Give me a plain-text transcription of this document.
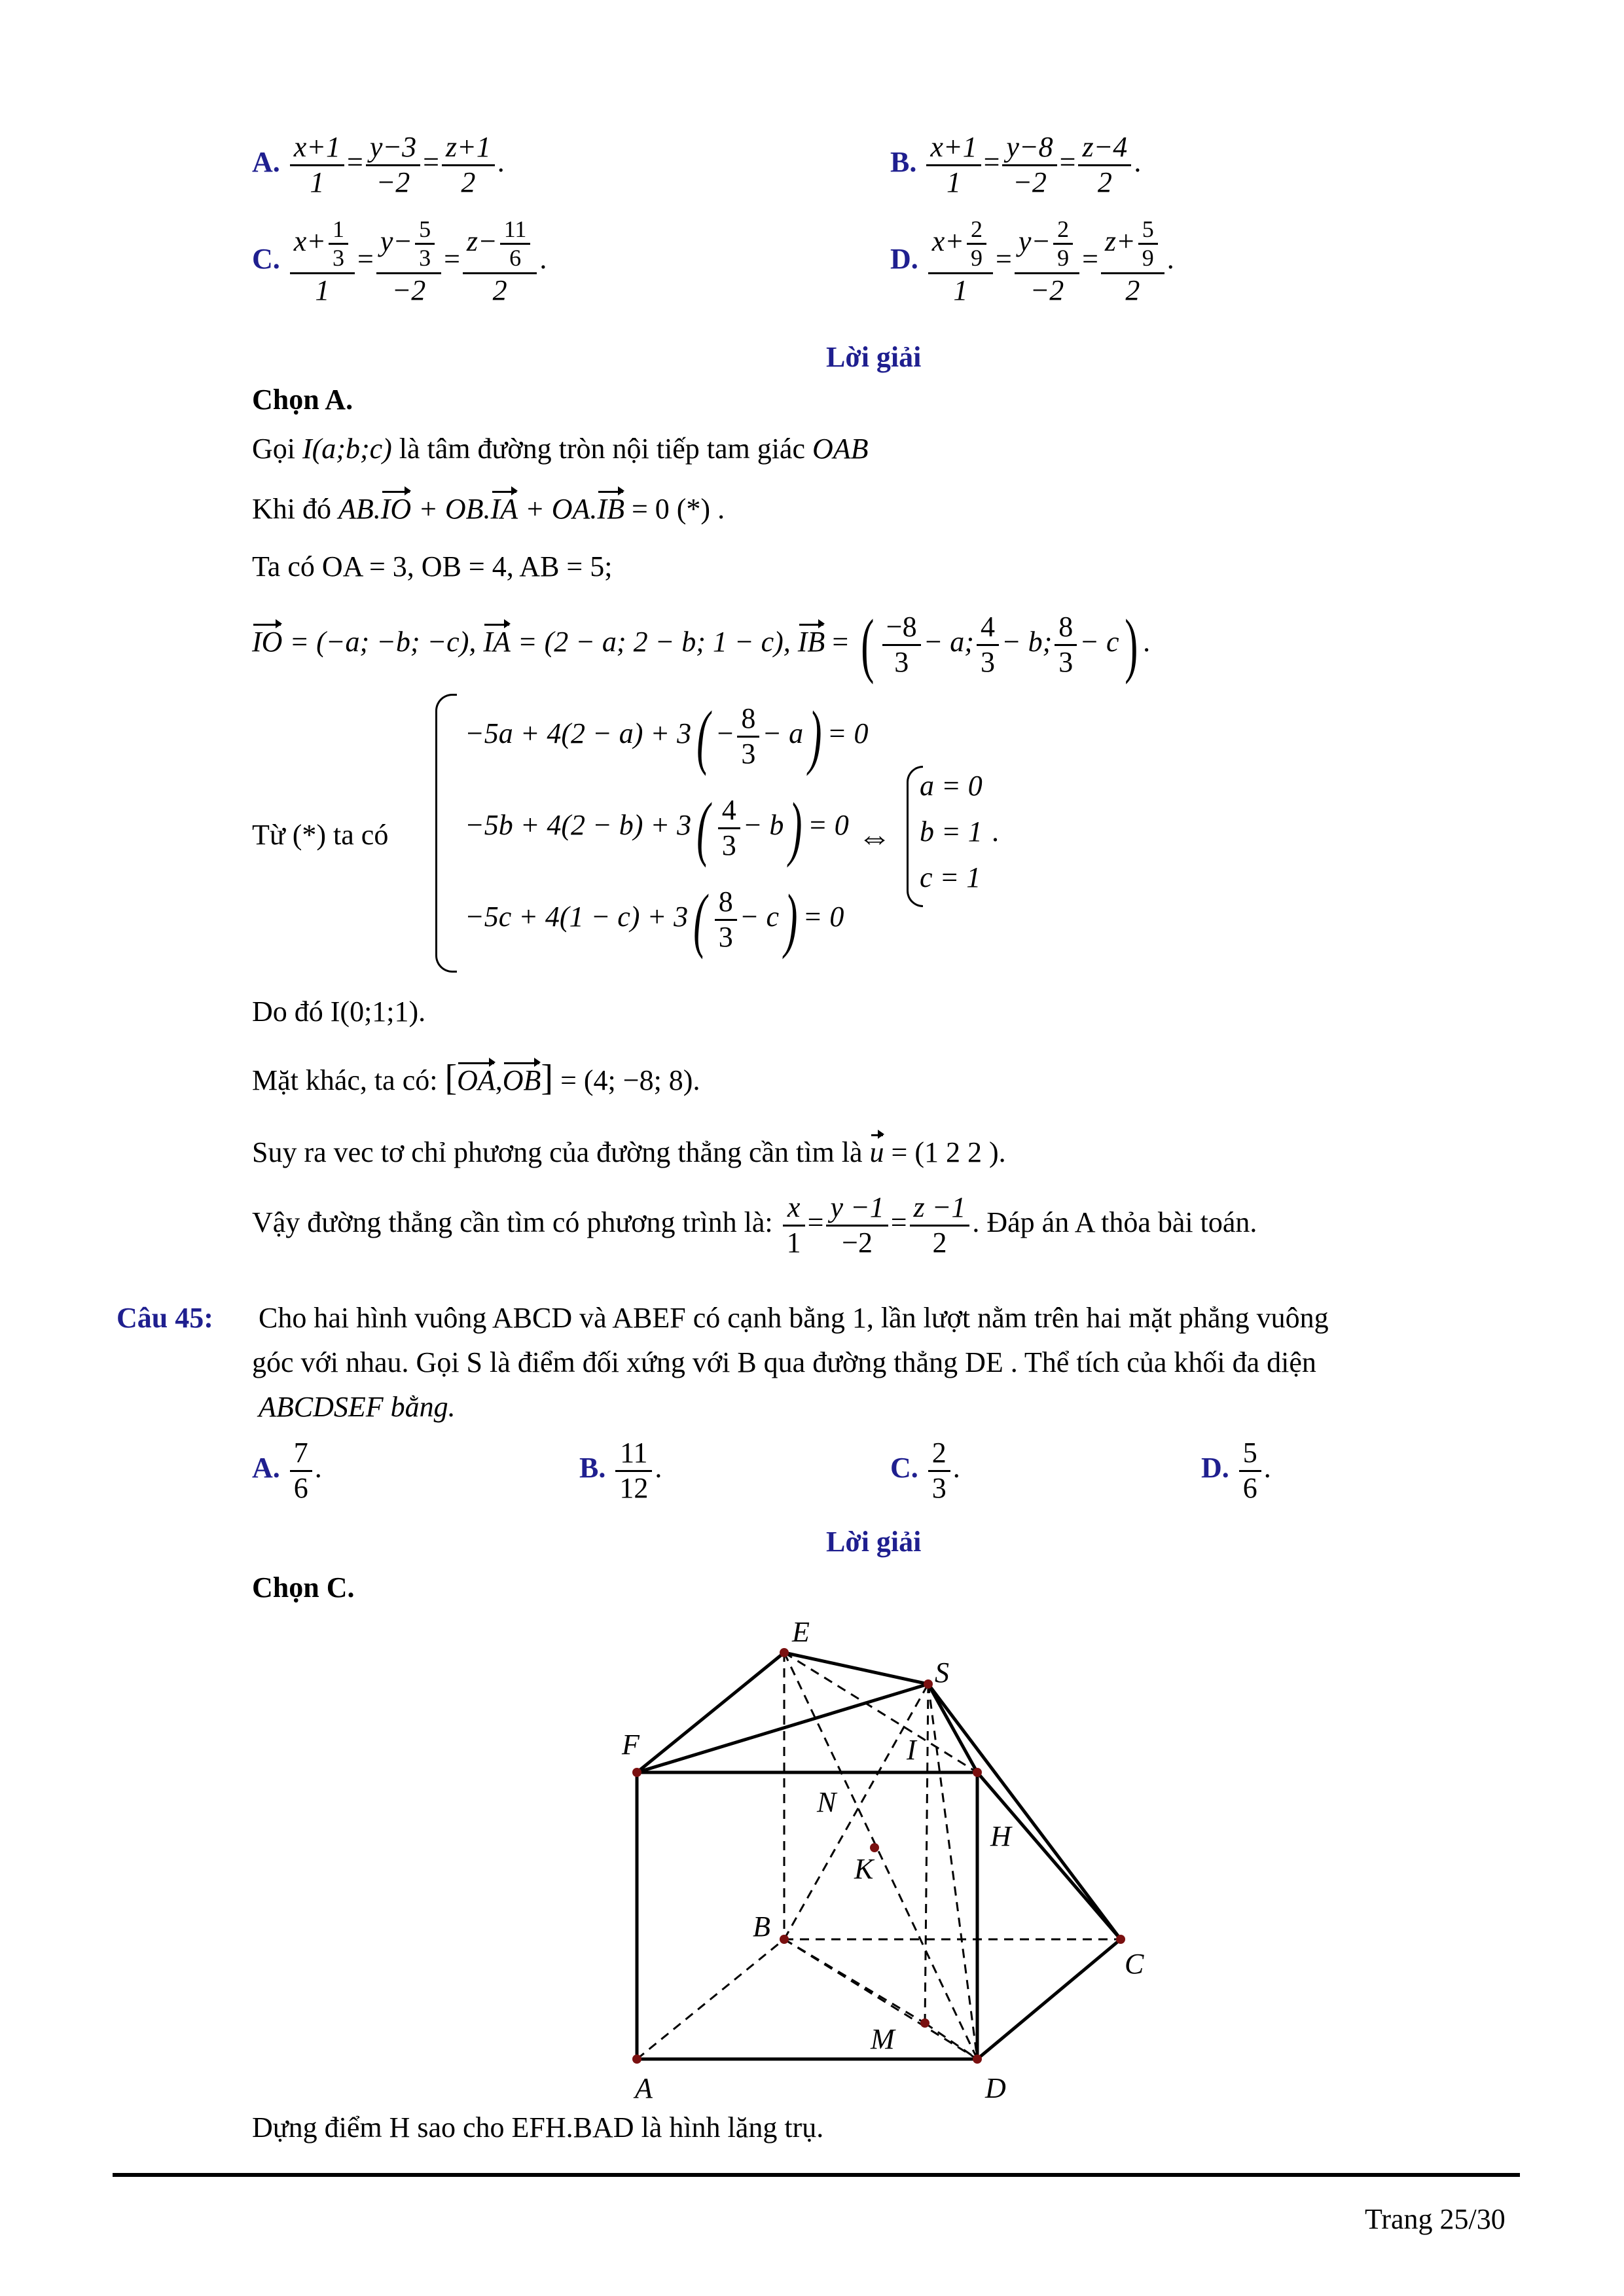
A. $\frac{x+1}{1} = \frac{y-3}{-2} = \frac{z+1}{2}$ .	B. $\frac{x+1}{1} = \frac{y-8}{-2} = \frac{z-4}{2}$ .
C. $\frac{x+ \frac{1}{3}}{1} = \frac{y- \frac{5}{3}}{-2} = \frac{z- \frac{11}{6}}{2}$ .	D. $\frac{x+ \frac{2}{9}}{1} = \frac{y- \frac{2}{9}}{-2} = \frac{z+ \frac{5}{9}}{2}$ .
Lời giải
Chọn A.
Gọi I(a;b;c) là tâm đường tròn nội tiếp tam giác OAB
Khi đó AB.IO + OB.IA + OA.IB = 0 (*) .
Ta có OA = 3, OB = 4, AB = 5;
IO = (−a; −b; −c), IA = (2 − a; 2 − b; 1 − c), IB = ( $\frac{-8}{3} - a$; $\frac{4}{3} - b$; $\frac{8}{3} - c$) .
Từ (*) ta có
$-5a + 4(2 - a) + 3( - \frac{8}{3} - a) = 0$
$-5b + 4(2 - b) + 3( \frac{4}{3} - b) = 0$
$-5c + 4(1 - c) + 3( \frac{8}{3} - c) = 0$
⇔
a = 0
b = 1
c = 1
.
Do đó I(0;1;1).
Mặt khác, ta có: [OA,OB] = (4; −8; 8).
Suy ra vec tơ chỉ phương của đường thẳng cần tìm là u = (1 2 2 ).
Vậy đường thẳng cần tìm có phương trình là: $\frac{x}{1} = \frac{y -1}{-2} = \frac{z -1}{2}$ . Đáp án A thỏa bài toán.
Câu 45: Cho hai hình vuông ABCD và ABEF có cạnh bằng 1, lần lượt nằm trên hai mặt phẳng vuông
góc với nhau. Gọi S là điểm đối xứng với B qua đường thẳng DE . Thể tích của khối đa diện
ABCDSEF bằng.
A. $\frac{7}{6}$ .	B. $\frac{11}{12}$ .	C. $\frac{2}{3}$ .	D. $\frac{5}{6}$ .
Lời giải
Chọn C.
E
S
F	I
N
H
K
B
C
M
A	D
Dựng điểm H sao cho EFH.BAD là hình lăng trụ.
Trang 25/30
